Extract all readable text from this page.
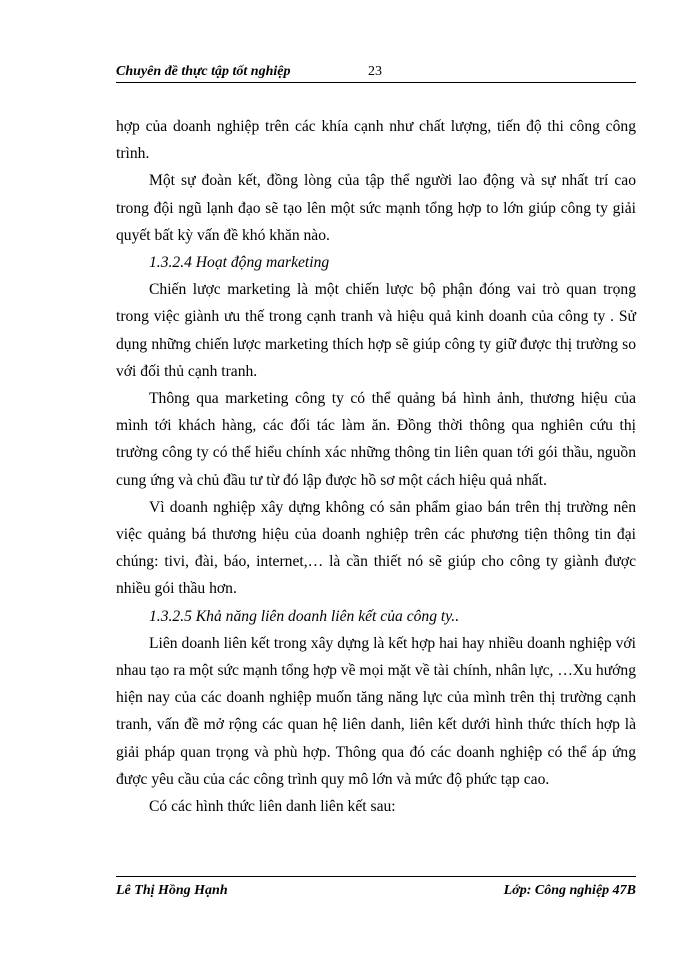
Chuyên đề thực tập tốt nghiệp	23

hợp của doanh nghiệp trên các khía cạnh như chất lượng, tiến độ thi công công trình.

Một sự đoàn kết, đồng lòng của tập thể người lao động và sự nhất trí cao trong đội ngũ lạnh đạo sẽ tạo lên một sức mạnh tổng hợp to lớn giúp công ty giải quyết bất kỳ vấn đề khó khăn nào.

1.3.2.4 Hoạt động marketing

Chiến lược marketing là một chiến lược bộ phận đóng vai trò quan trọng trong việc giành ưu thế trong cạnh tranh và hiệu quả kinh doanh của công ty . Sử dụng những chiến lược marketing thích hợp sẽ giúp công ty giữ được thị trường so với đối thủ cạnh tranh.

Thông qua marketing công ty có thể quảng bá hình ảnh, thương hiệu của mình tới khách hàng, các đối tác làm ăn. Đồng thời thông qua nghiên cứu thị trường công ty có thể hiểu chính xác những thông tin liên quan tới gói thầu, nguồn cung ứng và chủ đầu tư từ đó lập được hồ sơ một cách hiệu quả nhất.

Vì doanh nghiệp xây dựng không có sản phẩm giao bán trên thị trường nên việc quảng bá thương hiệu của doanh nghiệp trên các phương tiện thông tin đại chúng: tivi, đài, báo, internet,… là cần thiết nó sẽ giúp cho công ty giành được nhiều gói thầu hơn.

1.3.2.5 Khả năng liên doanh liên kết của công ty..

Liên doanh liên kết trong xây dựng là kết hợp hai hay nhiều doanh nghiệp với nhau tạo ra một sức mạnh tổng hợp về mọi mặt về tài chính, nhân lực, …Xu hướng hiện nay của các doanh nghiệp muốn tăng năng lực của mình trên thị trường cạnh tranh, vấn đề mở rộng các quan hệ liên danh, liên kết dưới hình thức thích hợp là giải pháp quan trọng và phù hợp. Thông qua đó các doanh nghiệp có thể áp ứng được yêu cầu của các công trình quy mô lớn và mức độ phức tạp cao.

Có các hình thức liên danh liên kết sau:

Lê Thị Hồng Hạnh	Lớp: Công nghiệp 47B
